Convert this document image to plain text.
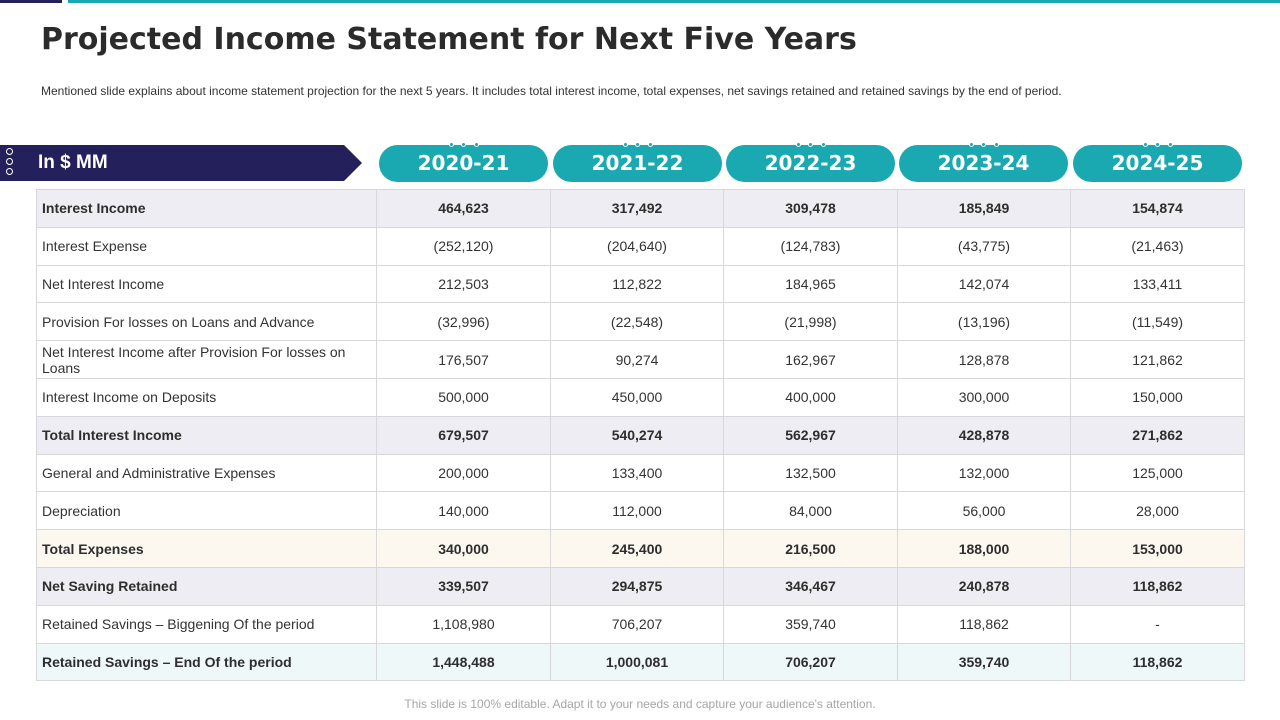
Projected Income Statement for Next Five Years

Mentioned slide explains about income statement projection for the next 5 years. It includes total interest income, total expenses, net savings retained and retained savings by the end of period.

In $ MM	2020-21	2021-22	2022-23	2023-24	2024-25
Interest Income	464,623	317,492	309,478	185,849	154,874
Interest Expense	(252,120)	(204,640)	(124,783)	(43,775)	(21,463)
Net Interest Income	212,503	112,822	184,965	142,074	133,411
Provision For losses on Loans and Advance	(32,996)	(22,548)	(21,998)	(13,196)	(11,549)
Net Interest Income after Provision For losses on Loans	176,507	90,274	162,967	128,878	121,862
Interest Income on Deposits	500,000	450,000	400,000	300,000	150,000
Total Interest Income	679,507	540,274	562,967	428,878	271,862
General and Administrative Expenses	200,000	133,400	132,500	132,000	125,000
Depreciation	140,000	112,000	84,000	56,000	28,000
Total Expenses	340,000	245,400	216,500	188,000	153,000
Net Saving Retained	339,507	294,875	346,467	240,878	118,862
Retained Savings – Biggening Of the period	1,108,980	706,207	359,740	118,862	-
Retained Savings – End Of the period	1,448,488	1,000,081	706,207	359,740	118,862
This slide is 100% editable. Adapt it to your needs and capture your audience's attention.
